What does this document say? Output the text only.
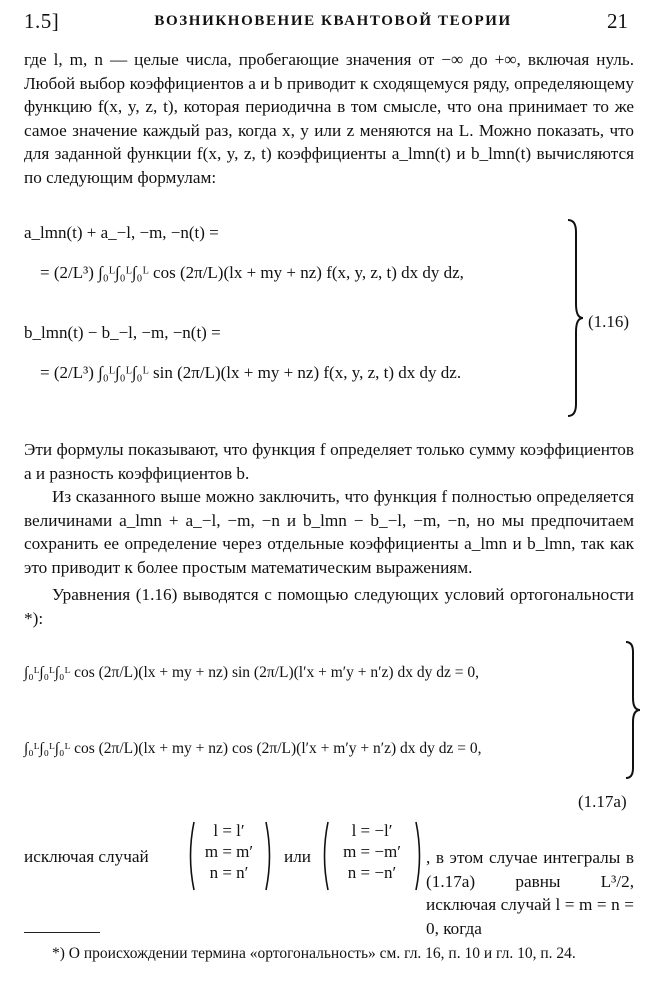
1.5]	ВОЗНИКНОВЕНИЕ КВАНТОВОЙ ТЕОРИИ	21

где l, m, n — целые числа, пробегающие значения от −∞ до +∞, включая нуль. Любой выбор коэффициентов a и b приводит к сходящемуся ряду, определяющему функцию f(x, y, z, t), которая периодична в том смысле, что она принимает то же самое значение каждый раз, когда x, y или z меняются на L. Можно показать, что для заданной функции f(x, y, z, t) коэффициенты a_lmn(t) и b_lmn(t) вычисляются по следующим формулам:

a_lmn(t) + a_−l, −m, −n(t) =
= (2/L³) ∫₀ᴸ∫₀ᴸ∫₀ᴸ cos (2π/L)(lx + my + nz) f(x, y, z, t) dx dy dz,
b_lmn(t) − b_−l, −m, −n(t) =
= (2/L³) ∫₀ᴸ∫₀ᴸ∫₀ᴸ sin (2π/L)(lx + my + nz) f(x, y, z, t) dx dy dz.
(1.16)

Эти формулы показывают, что функция f определяет только сумму коэффициентов a и разность коэффициентов b.

Из сказанного выше можно заключить, что функция f полностью определяется величинами a_lmn + a_−l, −m, −n и b_lmn − b_−l, −m, −n, но мы предпочитаем сохранить ее определение через отдельные коэффициенты a_lmn и b_lmn, так как это приводит к более простым математическим выражениям.

Уравнения (1.16) выводятся с помощью следующих условий ортогональности *):

∫₀ᴸ∫₀ᴸ∫₀ᴸ cos (2π/L)(lx + my + nz) sin (2π/L)(l′x + m′y + n′z) dx dy dz = 0,
∫₀ᴸ∫₀ᴸ∫₀ᴸ cos (2π/L)(lx + my + nz) cos (2π/L)(l′x + m′y + n′z) dx dy dz = 0,
(1.17a)
исключая случай
l = l′
m = m′
n = n′
или
l = −l′
m = −m′
n = −n′
, в этом случае интегралы в (1.17a) равны L³/2, исключая случай l = m = n = 0, когда
*) О происхождении термина «ортогональность» см. гл. 16, п. 10 и гл. 10, п. 24.
